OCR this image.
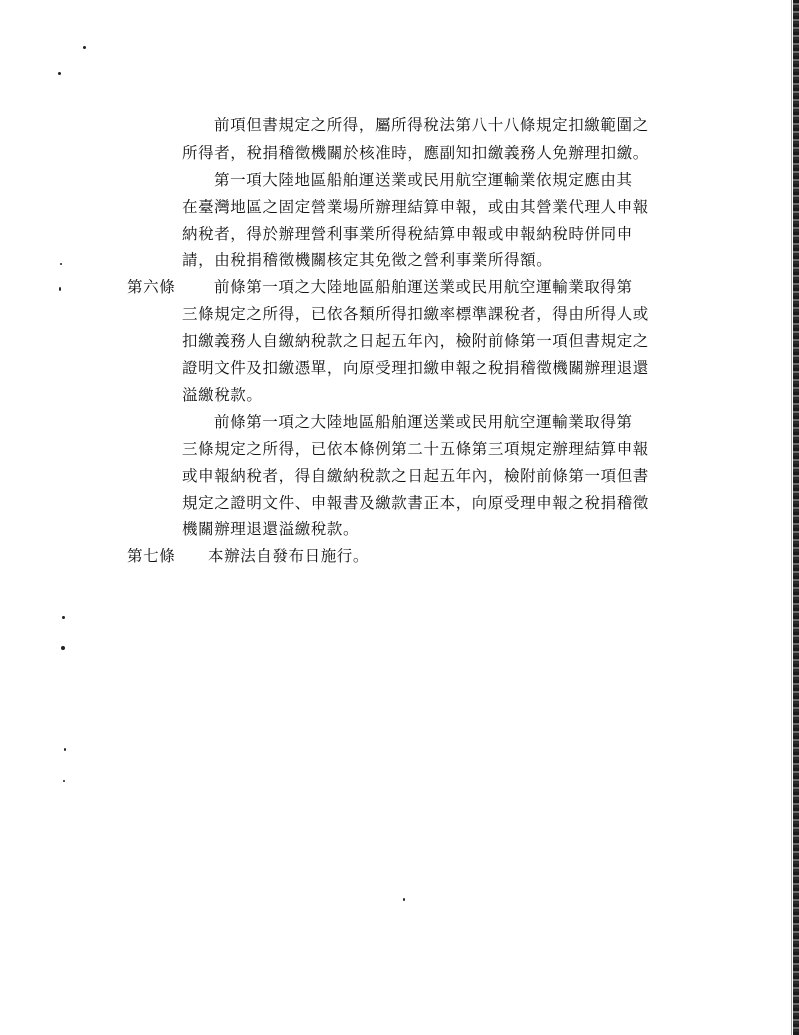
前項但書規定之所得，屬所得稅法第八十八條規定扣繳範圍之
所得者，稅捐稽徵機關於核准時，應副知扣繳義務人免辦理扣繳。
第一項大陸地區船舶運送業或民用航空運輸業依規定應由其
在臺灣地區之固定營業場所辦理結算申報，或由其營業代理人申報
納稅者，得於辦理營利事業所得稅結算申報或申報納稅時併同申
請，由稅捐稽徵機關核定其免徵之營利事業所得額。
第六條 前條第一項之大陸地區船舶運送業或民用航空運輸業取得第
三條規定之所得，已依各類所得扣繳率標準課稅者，得由所得人或
扣繳義務人自繳納稅款之日起五年內，檢附前條第一項但書規定之
證明文件及扣繳憑單，向原受理扣繳申報之稅捐稽徵機關辦理退還
溢繳稅款。
前條第一項之大陸地區船舶運送業或民用航空運輸業取得第
三條規定之所得，已依本條例第二十五條第三項規定辦理結算申報
或申報納稅者，得自繳納稅款之日起五年內，檢附前條第一項但書
規定之證明文件、申報書及繳款書正本，向原受理申報之稅捐稽徵
機關辦理退還溢繳稅款。
第七條 本辦法自發布日施行。
